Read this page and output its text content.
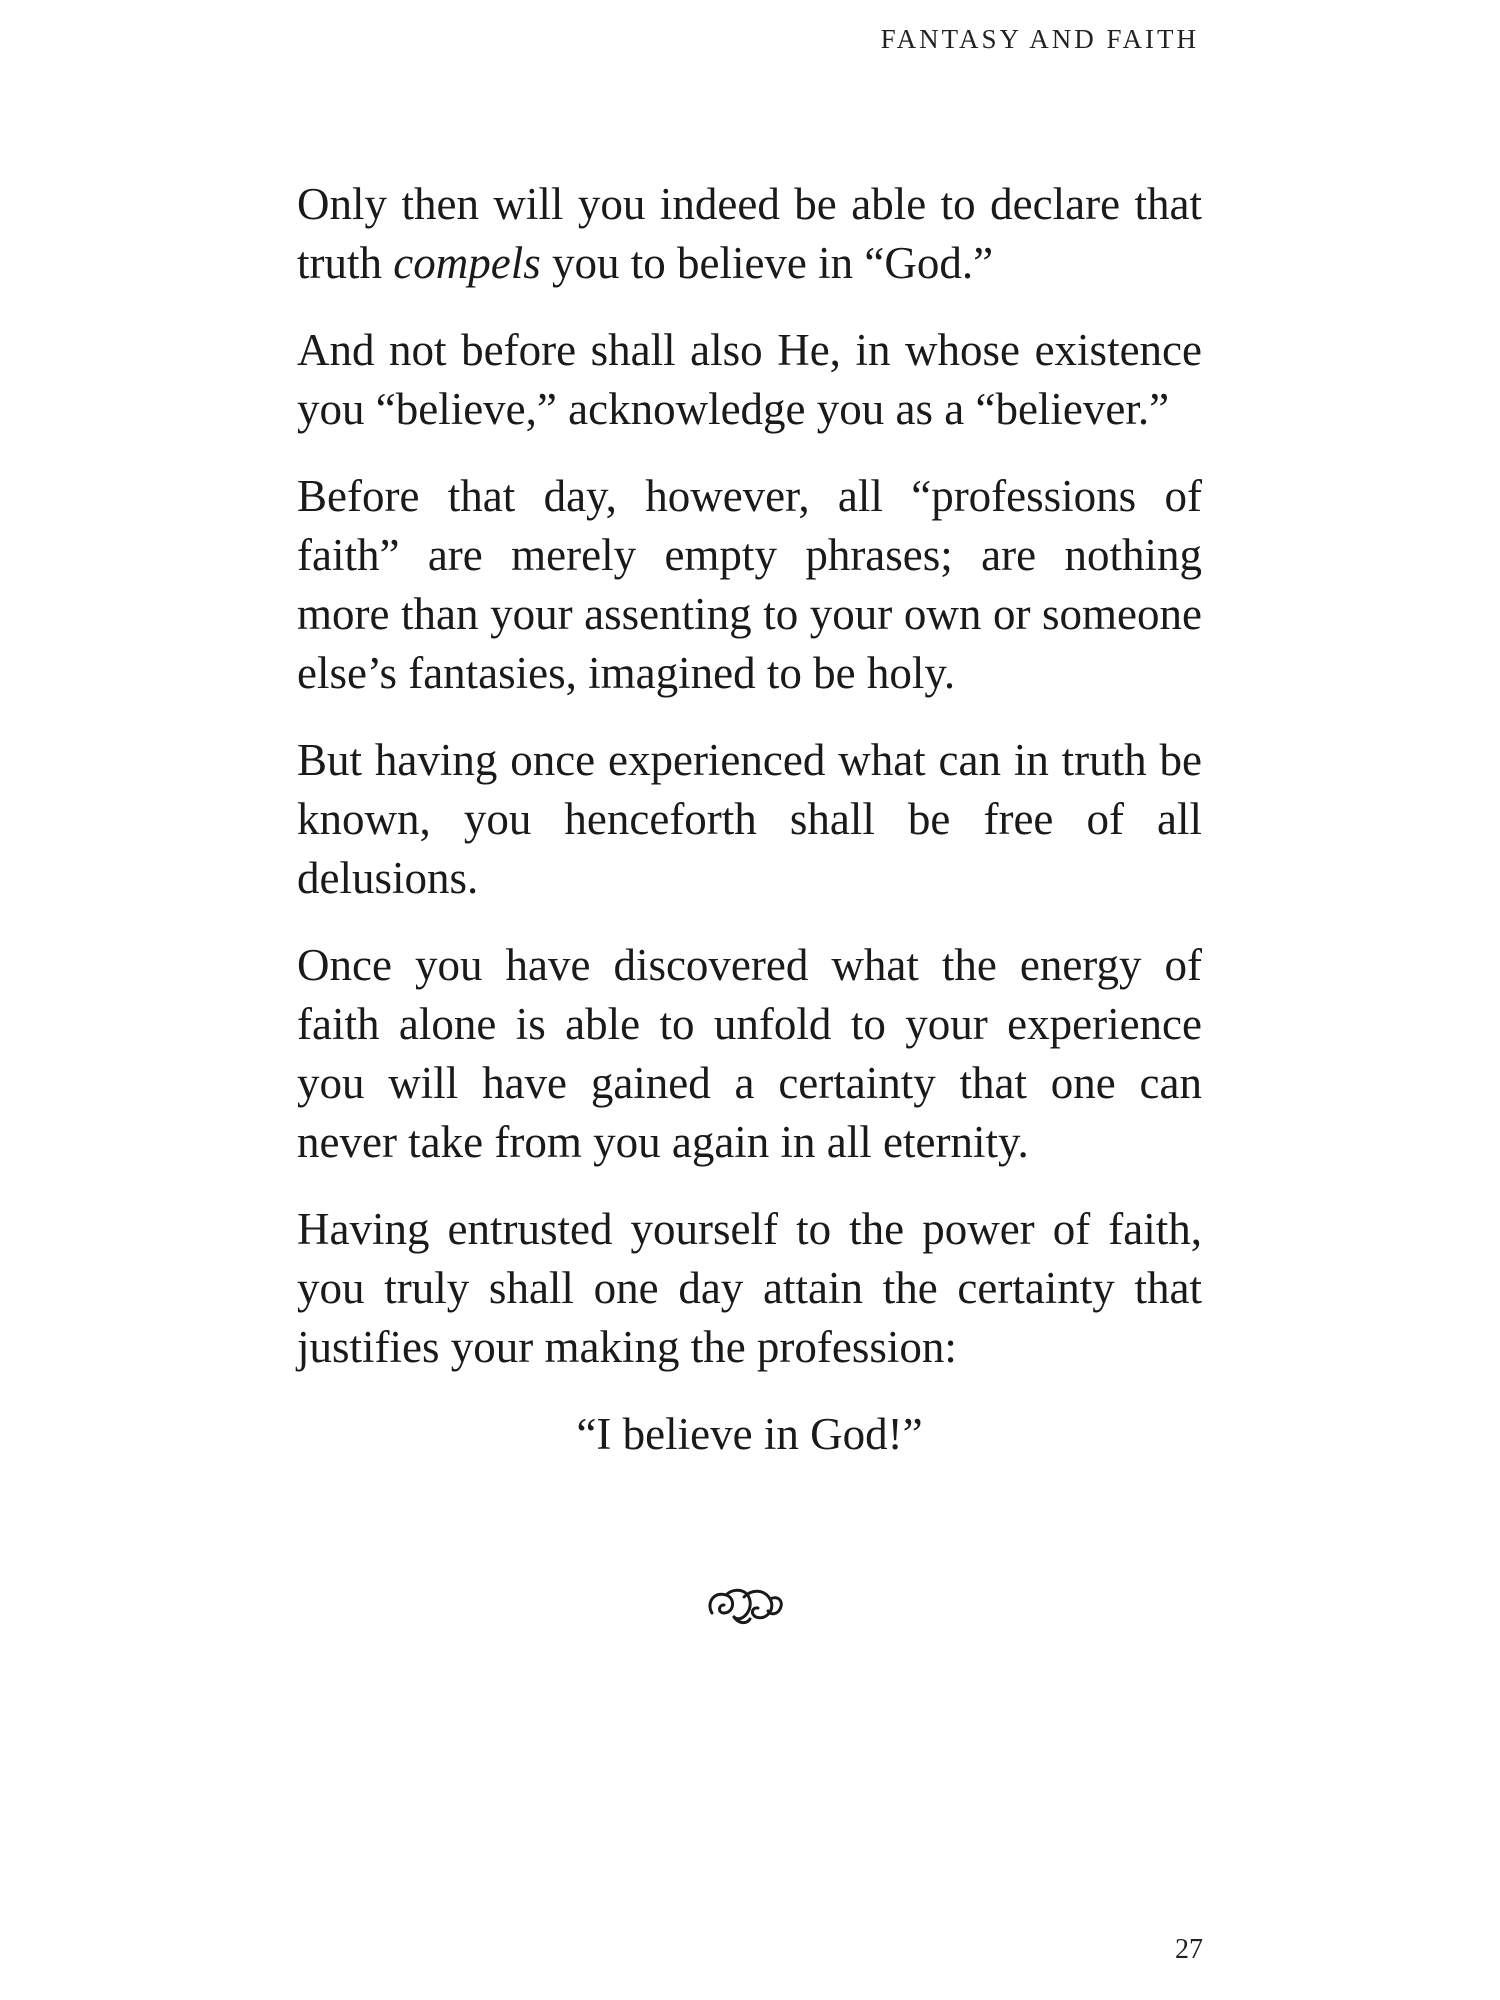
FANTASY AND FAITH

Only then will you indeed be able to declare that truth compels you to believe in “God.”

And not before shall also He, in whose existence you “believe,” acknowledge you as a “believer.”

Before that day, however, all “professions of faith” are merely empty phrases; are nothing more than your assenting to your own or someone else’s fantasies, imagined to be holy.

But having once experienced what can in truth be known, you henceforth shall be free of all delusions.

Once you have discovered what the energy of faith alone is able to unfold to your experience you will have gained a certainty that one can never take from you again in all eternity.

Having entrusted yourself to the power of faith, you truly shall one day attain the certainty that justifies your making the profession:

“I believe in God!”

27
